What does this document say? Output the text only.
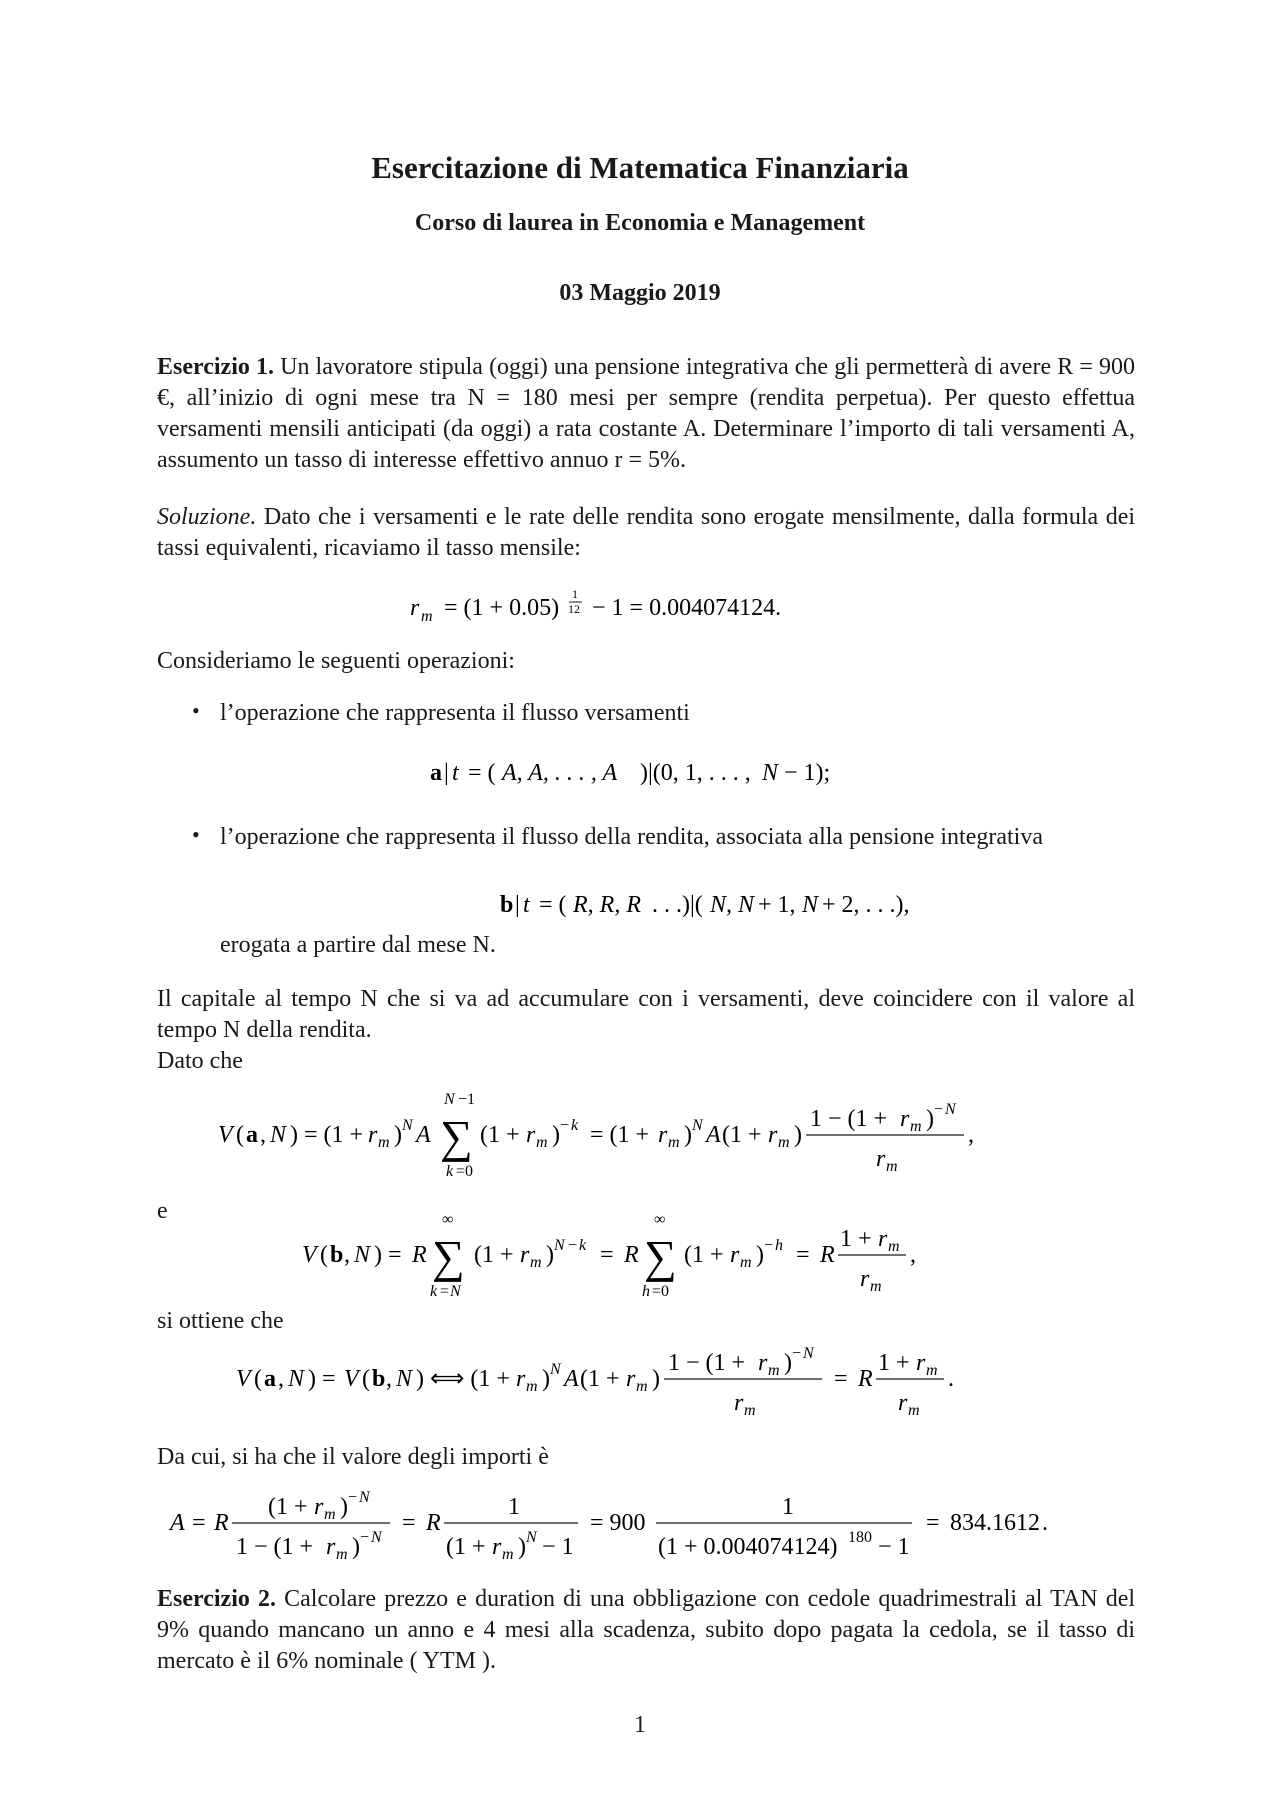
Esercitazione di Matematica Finanziaria
Corso di laurea in Economia e Management
03 Maggio 2019
Esercizio 1. Un lavoratore stipula (oggi) una pensione integrativa che gli permetterà di avere R = 900 €, all’inizio di ogni mese tra N = 180 mesi per sempre (rendita perpetua). Per questo effettua versamenti mensili anticipati (da oggi) a rata costante A. Determinare l’importo di tali versamenti A, assumento un tasso di interesse effettivo annuo r = 5%.
Soluzione. Dato che i versamenti e le rate delle rendita sono erogate mensilmente, dalla formula dei tassi equivalenti, ricaviamo il tasso mensile:
r m = (1 + 0.05)
1
12 − 1 = 0.004074124.
Consideriamo le seguenti operazioni:
• l’operazione che rappresenta il flusso versamenti
a | t = ( A, A, . . . , A )|(0, 1, . . . , N − 1);
• l’operazione che rappresenta il flusso della rendita, associata alla pensione integrativa
b | t = ( R, R, R . . .)|( N, N + 1, N + 2, . . .),
erogata a partire dal mese N.
Il capitale al tempo N che si va ad accumulare con i versamenti, deve coincidere con il valore al tempo N della rendita.
Dato che
V ( a , N ) = (1 + r m ) N A ∑
N −1
k =0
(1 + r m ) − k = (1 + r m ) N A (1 + r m )
1 − (1 + r m ) − N
r m
,
e
V ( b , N ) = R ∑
∞
k = N
(1 + r m ) N − k = R ∑
∞
h =0
(1 + r m ) − h = R
1 + r m
r m
,
si ottiene che
V ( a , N ) = V ( b , N ) ⟺ (1 + r m ) N A (1 + r m )
1 − (1 + r m ) − N
r m
= R
1 + r m
r m
.
Da cui, si ha che il valore degli importi è
A = R
(1 + r m ) − N
1 − (1 + r m ) − N
= R
1
(1 + r m ) N − 1
= 900
1
(1 + 0.004074124) 180 − 1
= 834.1612 .
Esercizio 2. Calcolare prezzo e duration di una obbligazione con cedole quadrimestrali al TAN del 9% quando mancano un anno e 4 mesi alla scadenza, subito dopo pagata la cedola, se il tasso di mercato è il 6% nominale ( YTM ).
1
